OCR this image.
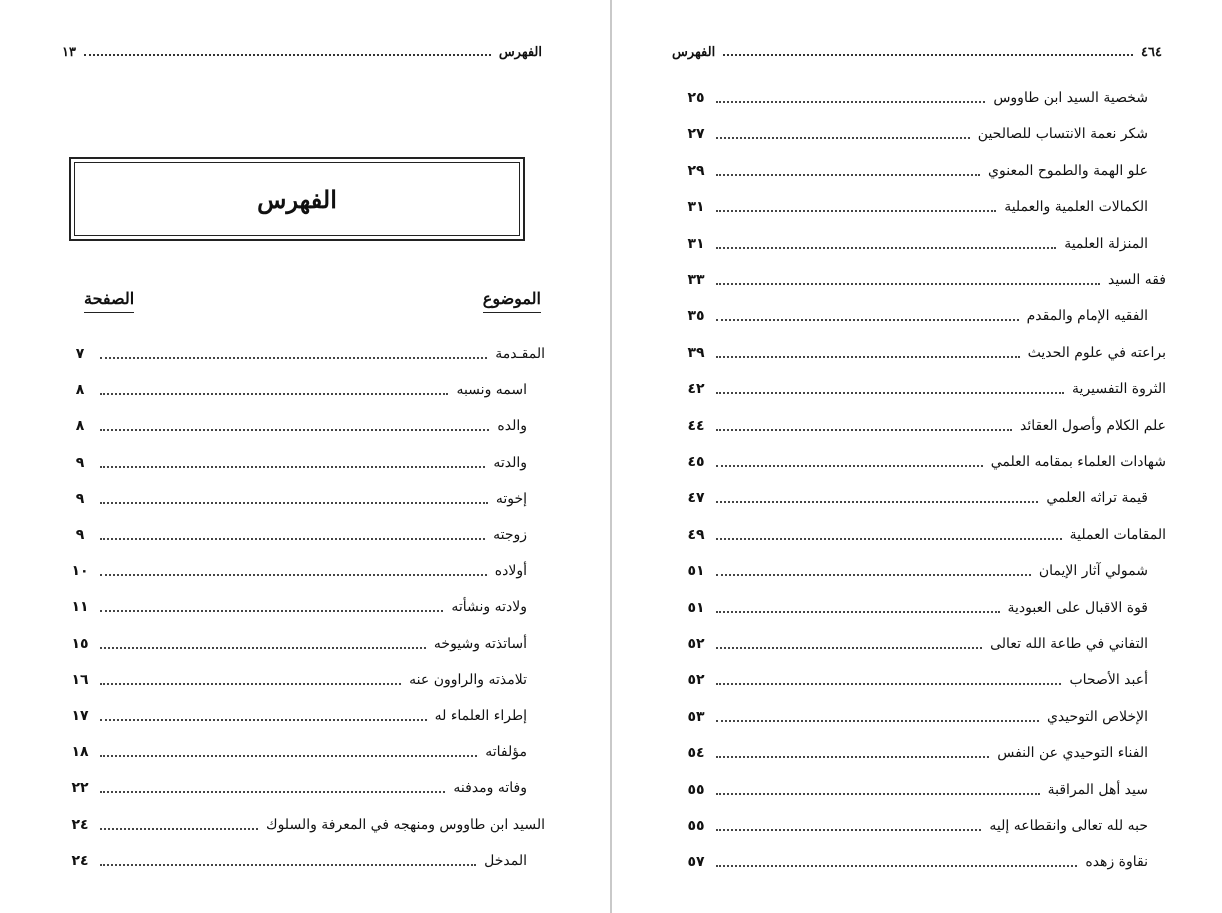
الفهرس
١٣
الفهرس
الموضوع
الصفحة
المقـدمة
٧
اسمه ونسبه
٨
والده
٨
والدته
٩
إخوته
٩
زوجته
٩
أولاده
١٠
ولادته ونشأته
١١
أساتذته وشيوخه
١٥
تلامذته والراوون عنه
١٦
إطراء العلماء له
١٧
مؤلفاته
١٨
وفاته ومدفنه
٢٢
السيد ابن طاووس ومنهجه في المعرفة والسلوك
٢٤
المدخل
٢٤
٤٦٤
الفهرس
شخصية السيد ابن طاووس
٢٥
شكر نعمة الانتساب للصالحين
٢٧
علو الهمة والطموح المعنوي
٢٩
الكمالات العلمية والعملية
٣١
المنزلة العلمية
٣١
فقه السيد
٣٣
الفقيه الإمام والمقدم
٣٥
براعته في علوم الحديث
٣٩
الثروة التفسيرية
٤٢
علم الكلام وأصول العقائد
٤٤
شهادات العلماء بمقامه العلمي
٤٥
قيمة تراثه العلمي
٤٧
المقامات العملية
٤٩
شمولي آثار الإيمان
٥١
قوة الاقبال على العبودية
٥١
التفاني في طاعة الله تعالى
٥٢
أعبد الأصحاب
٥٢
الإخلاص التوحيدي
٥٣
الفناء التوحيدي عن النفس
٥٤
سيد أهل المراقبة
٥٥
حبه لله تعالى وانقطاعه إليه
٥٥
نقاوة زهده
٥٧
